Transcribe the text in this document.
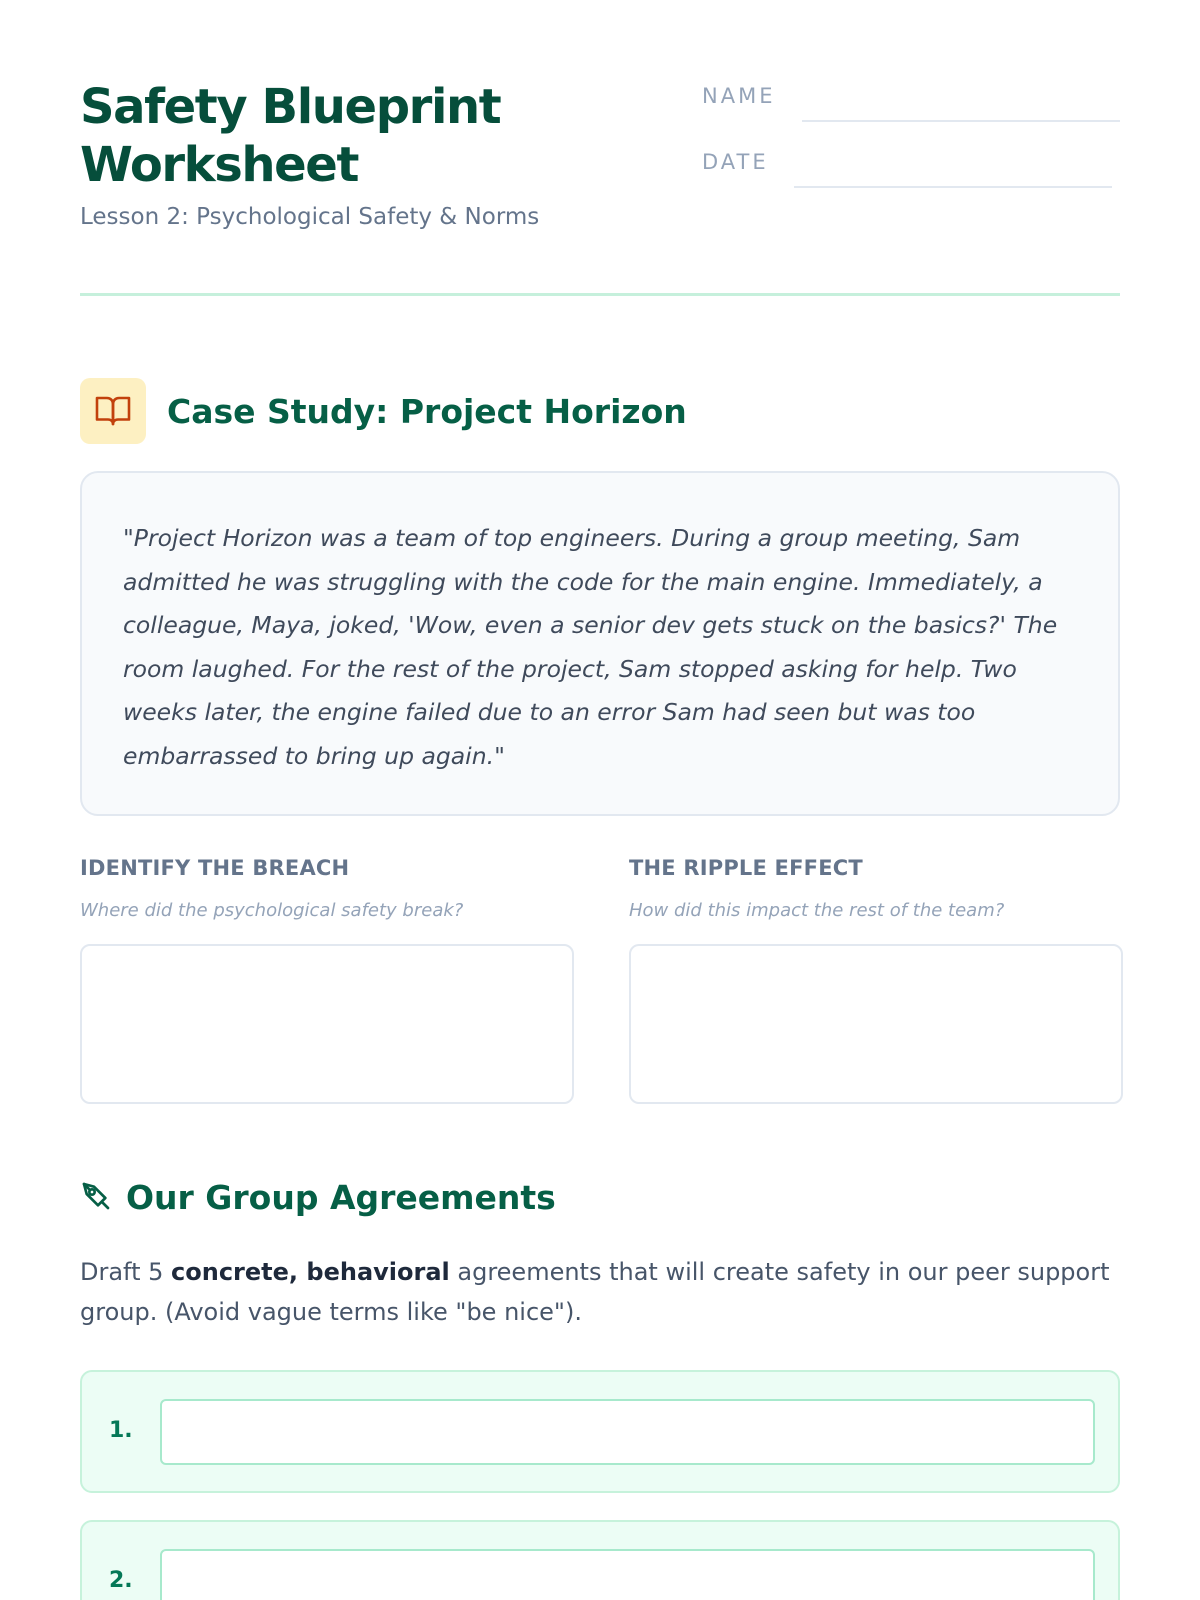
Safety Blueprint Worksheet
Lesson 2: Psychological Safety & Norms
NAME
DATE
Case Study: Project Horizon

"Project Horizon was a team of top engineers. During a group meeting, Sam admitted he was struggling with the code for the main engine. Immediately, a colleague, Maya, joked, 'Wow, even a senior dev gets stuck on the basics?' The room laughed. For the rest of the project, Sam stopped asking for help. Two weeks later, the engine failed due to an error Sam had seen but was too embarrassed to bring up again."

IDENTIFY THE BREACH
Where did the psychological safety break?
THE RIPPLE EFFECT
How did this impact the rest of the team?
Our Group Agreements

Draft 5 concrete, behavioral agreements that will create safety in our peer support group. (Avoid vague terms like "be nice").

1.
2.
